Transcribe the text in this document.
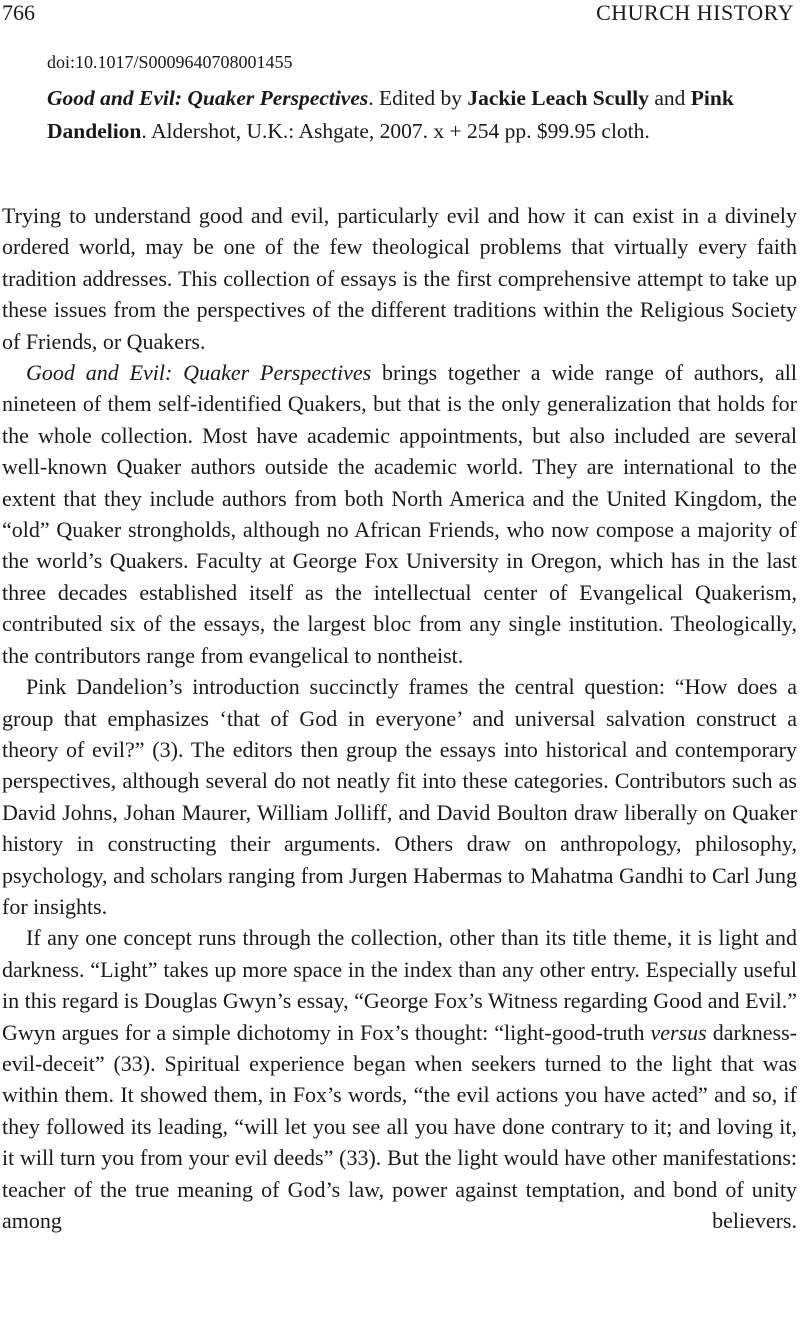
766	CHURCH HISTORY
doi:10.1017/S0009640708001455

Good and Evil: Quaker Perspectives. Edited by Jackie Leach Scully and Pink Dandelion. Aldershot, U.K.: Ashgate, 2007. x + 254 pp. $99.95 cloth.

Trying to understand good and evil, particularly evil and how it can exist in a divinely ordered world, may be one of the few theological problems that virtually every faith tradition addresses. This collection of essays is the first comprehensive attempt to take up these issues from the perspectives of the different traditions within the Religious Society of Friends, or Quakers.

Good and Evil: Quaker Perspectives brings together a wide range of authors, all nineteen of them self-identified Quakers, but that is the only generalization that holds for the whole collection. Most have academic appointments, but also included are several well-known Quaker authors outside the academic world. They are international to the extent that they include authors from both North America and the United Kingdom, the “old” Quaker strongholds, although no African Friends, who now compose a majority of the world’s Quakers. Faculty at George Fox University in Oregon, which has in the last three decades established itself as the intellectual center of Evangelical Quakerism, contributed six of the essays, the largest bloc from any single institution. Theologically, the contributors range from evangelical to nontheist.

Pink Dandelion’s introduction succinctly frames the central question: “How does a group that emphasizes ‘that of God in everyone’ and universal salvation construct a theory of evil?” (3). The editors then group the essays into historical and contemporary perspectives, although several do not neatly fit into these categories. Contributors such as David Johns, Johan Maurer, William Jolliff, and David Boulton draw liberally on Quaker history in constructing their arguments. Others draw on anthropology, philosophy, psychology, and scholars ranging from Jurgen Habermas to Mahatma Gandhi to Carl Jung for insights.

If any one concept runs through the collection, other than its title theme, it is light and darkness. “Light” takes up more space in the index than any other entry. Especially useful in this regard is Douglas Gwyn’s essay, “George Fox’s Witness regarding Good and Evil.” Gwyn argues for a simple dichotomy in Fox’s thought: “light-good-truth versus darkness-evil-deceit” (33). Spiritual experience began when seekers turned to the light that was within them. It showed them, in Fox’s words, “the evil actions you have acted” and so, if they followed its leading, “will let you see all you have done contrary to it; and loving it, it will turn you from your evil deeds” (33). But the light would have other manifestations: teacher of the true meaning of God’s law, power against temptation, and bond of unity among believers.
